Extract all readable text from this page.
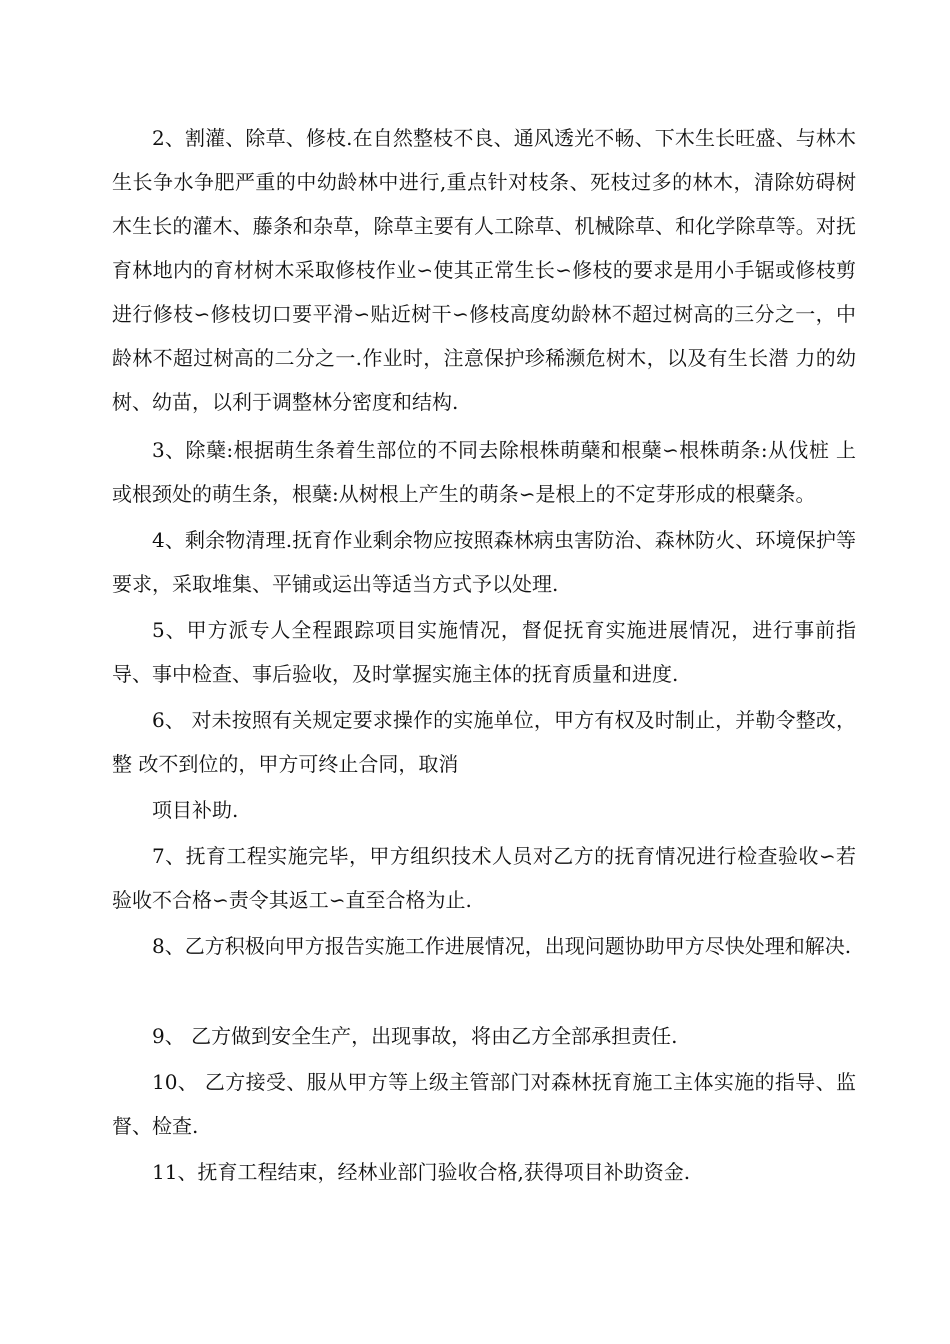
2、割灌、除草、修枝.在自然整枝不良、通风透光不畅、下木生长旺盛、与林木生长争水争肥严重的中幼龄林中进行,重点针对枝条、死枝过多的林木，清除妨碍树木生长的灌木、藤条和杂草，除草主要有人工除草、机械除草、和化学除草等。对抚育林地内的育材树木采取修枝作业∽使其正常生长∽修枝的要求是用小手锯或修枝剪进行修枝∽修枝切口要平滑∽贴近树干∽修枝高度幼龄林不超过树高的三分之一，中龄林不超过树高的二分之一.作业时，注意保护珍稀濒危树木，以及有生长潜 力的幼树、幼苗，以利于调整林分密度和结构.

3、除蘖:根据萌生条着生部位的不同去除根株萌蘖和根蘖∽根株萌条:从伐桩 上或根颈处的萌生条，根蘖:从树根上产生的萌条∽是根上的不定芽形成的根蘖条。

4、剩余物清理.抚育作业剩余物应按照森林病虫害防治、森林防火、环境保护等要求，采取堆集、平铺或运出等适当方式予以处理.

5、甲方派专人全程跟踪项目实施情况，督促抚育实施进展情况，进行事前指导、事中检查、事后验收，及时掌握实施主体的抚育质量和进度.

6、 对未按照有关规定要求操作的实施单位，甲方有权及时制止，并勒令整改，整 改不到位的，甲方可终止合同，取消

项目补助.

7、抚育工程实施完毕，甲方组织技术人员对乙方的抚育情况进行检查验收∽若验收不合格∽责令其返工∽直至合格为止.

8、乙方积极向甲方报告实施工作进展情况，出现问题协助甲方尽快处理和解决.

9、 乙方做到安全生产，出现事故，将由乙方全部承担责任.

10、 乙方接受、服从甲方等上级主管部门对森林抚育施工主体实施的指导、监督、检查.

11、抚育工程结束，经林业部门验收合格,获得项目补助资金.
